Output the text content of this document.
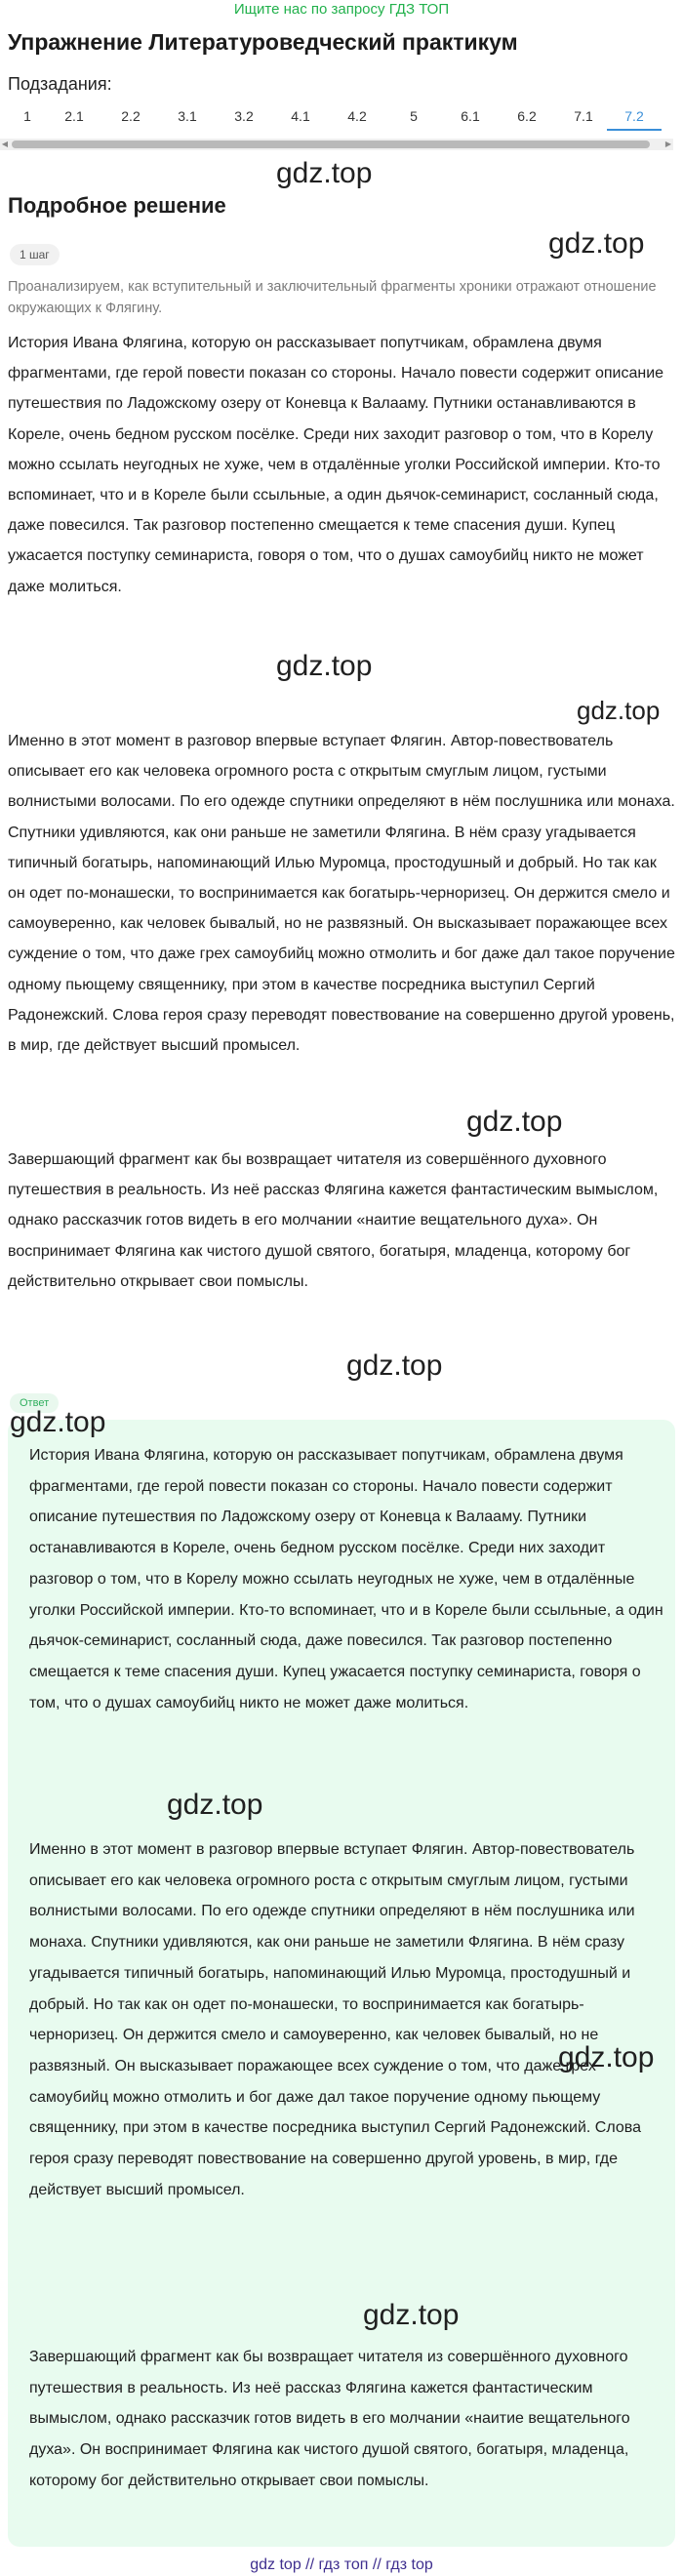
Ищите нас по запросу ГДЗ ТОП
Упражнение Литературоведческий практикум
Подзадания:
1	2.1	2.2	3.1	3.2	4.1	4.2	5	6.1	6.2	7.1	7.2
◀	▶
gdz.top
Подробное решение
gdz.top
1 шаг
Проанализируем, как вступительный и заключительный фрагменты хроники отражают отношение окружающих к Флягину.
История Ивана Флягина, которую он рассказывает попутчикам, обрамлена двумя фрагментами, где герой повести показан со стороны. Начало повести содержит описание путешествия по Ладожскому озеру от Коневца к Валааму. Путники останавливаются в Кореле, очень бедном русском посёлке. Среди них заходит разговор о том, что в Корелу можно ссылать неугодных не хуже, чем в отдалённые уголки Российской империи. Кто-то вспоминает, что и в Кореле были ссыльные, а один дьячок-семинарист, сосланный сюда, даже повесился. Так разговор постепенно смещается к теме спасения души. Купец ужасается поступку семинариста, говоря о том, что о душах самоубийц никто не может даже молиться.
gdz.top
gdz.top
Именно в этот момент в разговор впервые вступает Флягин. Автор-повествователь описывает его как человека огромного роста с открытым смуглым лицом, густыми волнистыми волосами. По его одежде спутники определяют в нём послушника или монаха. Спутники удивляются, как они раньше не заметили Флягина. В нём сразу угадывается типичный богатырь, напоминающий Илью Муромца, простодушный и добрый. Но так как он одет по-монашески, то воспринимается как богатырь-черноризец. Он держится смело и самоуверенно, как человек бывалый, но не развязный. Он высказывает поражающее всех суждение о том, что даже грех самоубийц можно отмолить и бог даже дал такое поручение одному пьющему священнику, при этом в качестве посредника выступил Сергий Радонежский. Слова героя сразу переводят повествование на совершенно другой уровень, в мир, где действует высший промысел.
gdz.top
Завершающий фрагмент как бы возвращает читателя из совершённого духовного путешествия в реальность. Из неё рассказ Флягина кажется фантастическим вымыслом, однако рассказчик готов видеть в его молчании «наитие вещательного духа». Он воспринимает Флягина как чистого душой святого, богатыря, младенца, которому бог действительно открывает свои помыслы.
gdz.top
Ответ
gdz.top
История Ивана Флягина, которую он рассказывает попутчикам, обрамлена двумя фрагментами, где герой повести показан со стороны. Начало повести содержит описание путешествия по Ладожскому озеру от Коневца к Валааму. Путники останавливаются в Кореле, очень бедном русском посёлке. Среди них заходит разговор о том, что в Корелу можно ссылать неугодных не хуже, чем в отдалённые уголки Российской империи. Кто-то вспоминает, что и в Кореле были ссыльные, а один дьячок-семинарист, сосланный сюда, даже повесился. Так разговор постепенно смещается к теме спасения души. Купец ужасается поступку семинариста, говоря о том, что о душах самоубийц никто не может даже молиться.
gdz.top
Именно в этот момент в разговор впервые вступает Флягин. Автор-повествователь описывает его как человека огромного роста с открытым смуглым лицом, густыми волнистыми волосами. По его одежде спутники определяют в нём послушника или монаха. Спутники удивляются, как они раньше не заметили Флягина. В нём сразу угадывается типичный богатырь, напоминающий Илью Муромца, простодушный и добрый. Но так как он одет по-монашески, то воспринимается как богатырь-черноризец. Он держится смело и самоуверенно, как человек бывалый, но не развязный. Он высказывает поражающее всех суждение о том, что даже грех самоубийц можно отмолить и бог даже дал такое поручение одному пьющему священнику, при этом в качестве посредника выступил Сергий Радонежский. Слова героя сразу переводят повествование на совершенно другой уровень, в мир, где действует высший промысел.
gdz.top
gdz.top
Завершающий фрагмент как бы возвращает читателя из совершённого духовного путешествия в реальность. Из неё рассказ Флягина кажется фантастическим вымыслом, однако рассказчик готов видеть в его молчании «наитие вещательного духа». Он воспринимает Флягина как чистого душой святого, богатыря, младенца, которому бог действительно открывает свои помыслы.
gdz top // гдз топ // гдз top
